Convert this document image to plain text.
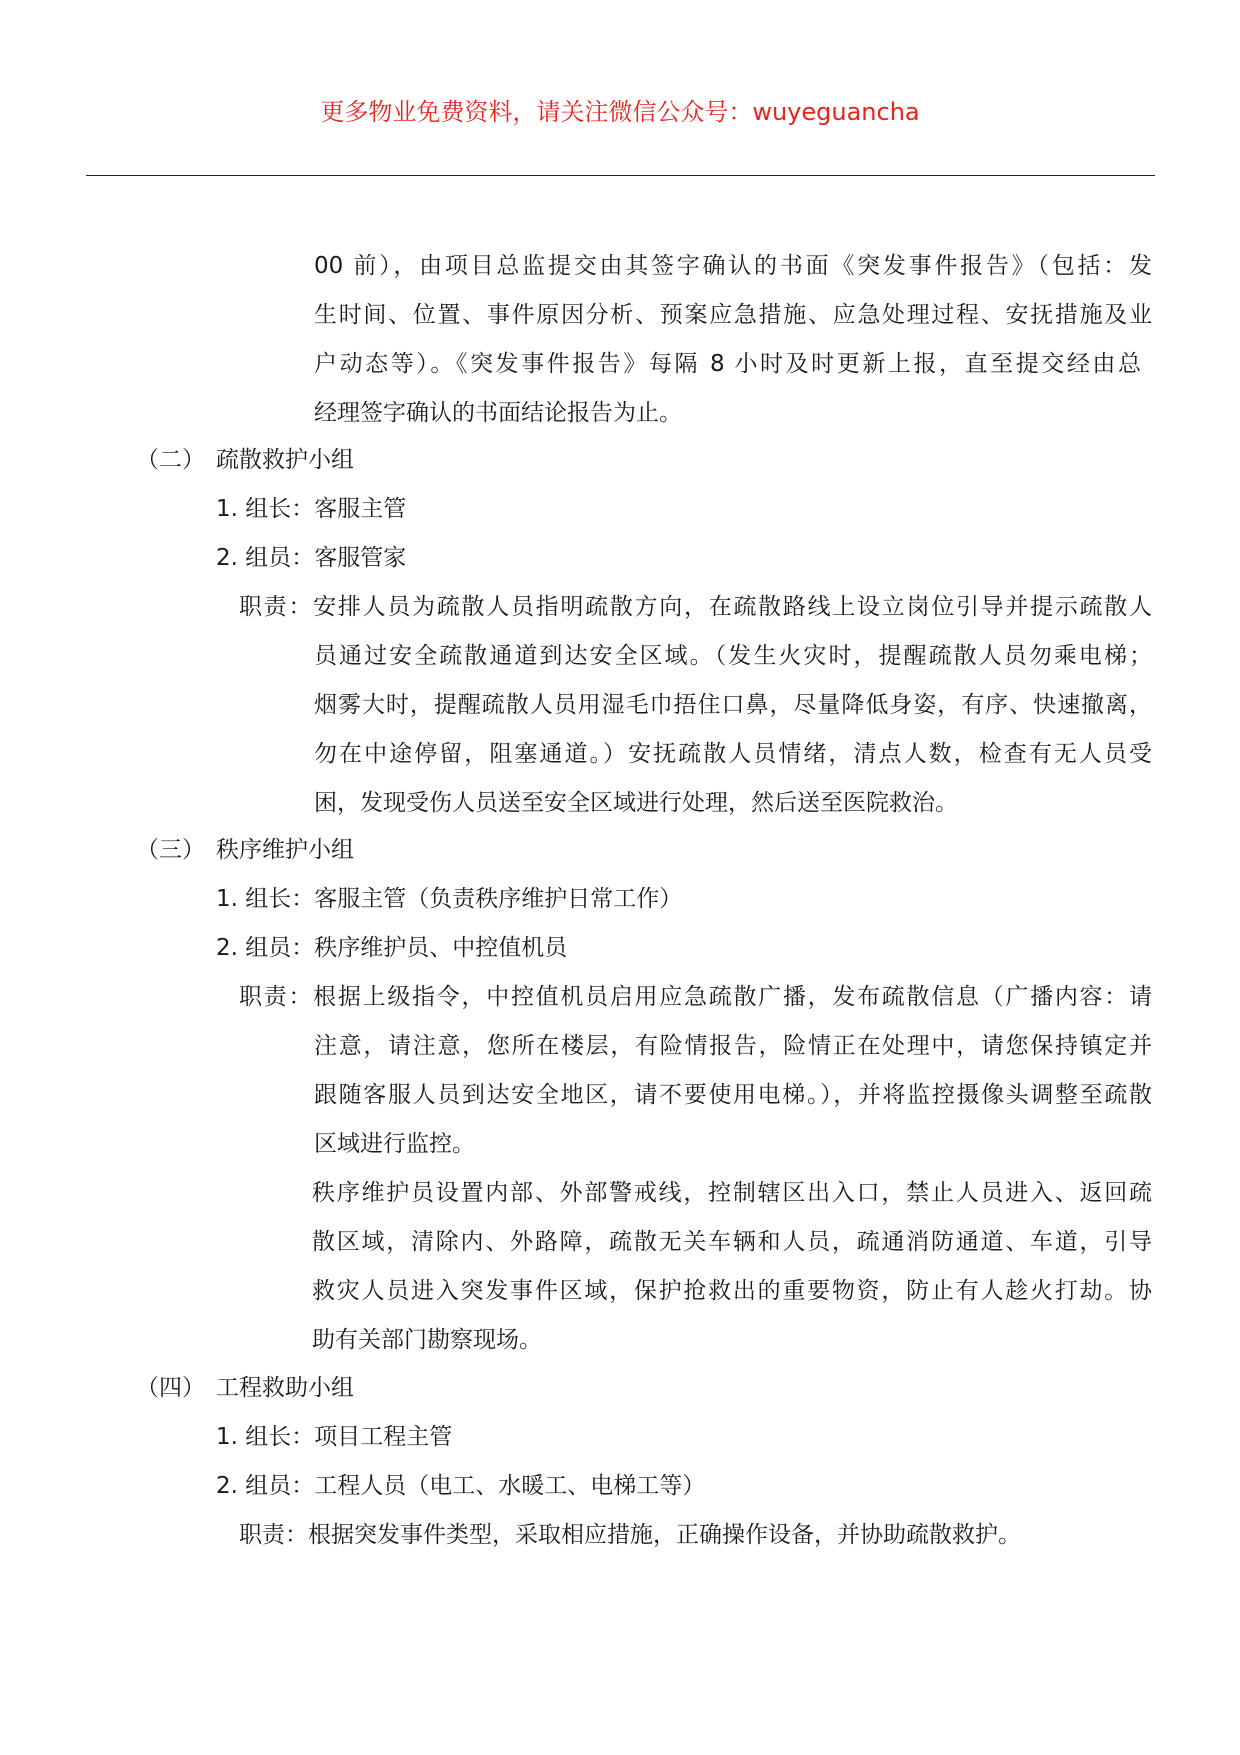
更多物业免费资料，请关注微信公众号：wuyeguancha
00 前），由项目总监提交由其签字确认的书面《突发事件报告》（包括：发
生时间、位置、事件原因分析、预案应急措施、应急处理过程、安抚措施及业
户动态等）。《突发事件报告》每隔 8 小时及时更新上报，直至提交经由总
经理签字确认的书面结论报告为止。
（二） 疏散救护小组
1. 组长：客服主管
2. 组员：客服管家
职责：安排人员为疏散人员指明疏散方向，在疏散路线上设立岗位引导并提示疏散人
员通过安全疏散通道到达安全区域。（发生火灾时，提醒疏散人员勿乘电梯；
烟雾大时，提醒疏散人员用湿毛巾捂住口鼻，尽量降低身姿，有序、快速撤离，
勿在中途停留，阻塞通道。）安抚疏散人员情绪，清点人数，检查有无人员受
困，发现受伤人员送至安全区域进行处理，然后送至医院救治。
（三） 秩序维护小组
1. 组长：客服主管（负责秩序维护日常工作）
2. 组员：秩序维护员、中控值机员
职责：根据上级指令，中控值机员启用应急疏散广播，发布疏散信息（广播内容：请
注意，请注意，您所在楼层，有险情报告，险情正在处理中，请您保持镇定并
跟随客服人员到达安全地区，请不要使用电梯。），并将监控摄像头调整至疏散
区域进行监控。
秩序维护员设置内部、外部警戒线，控制辖区出入口，禁止人员进入、返回疏
散区域，清除内、外路障，疏散无关车辆和人员，疏通消防通道、车道，引导
救灾人员进入突发事件区域，保护抢救出的重要物资，防止有人趁火打劫。协
助有关部门勘察现场。
（四） 工程救助小组
1. 组长：项目工程主管
2. 组员：工程人员（电工、水暖工、电梯工等）
职责：根据突发事件类型，采取相应措施，正确操作设备，并协助疏散救护。
